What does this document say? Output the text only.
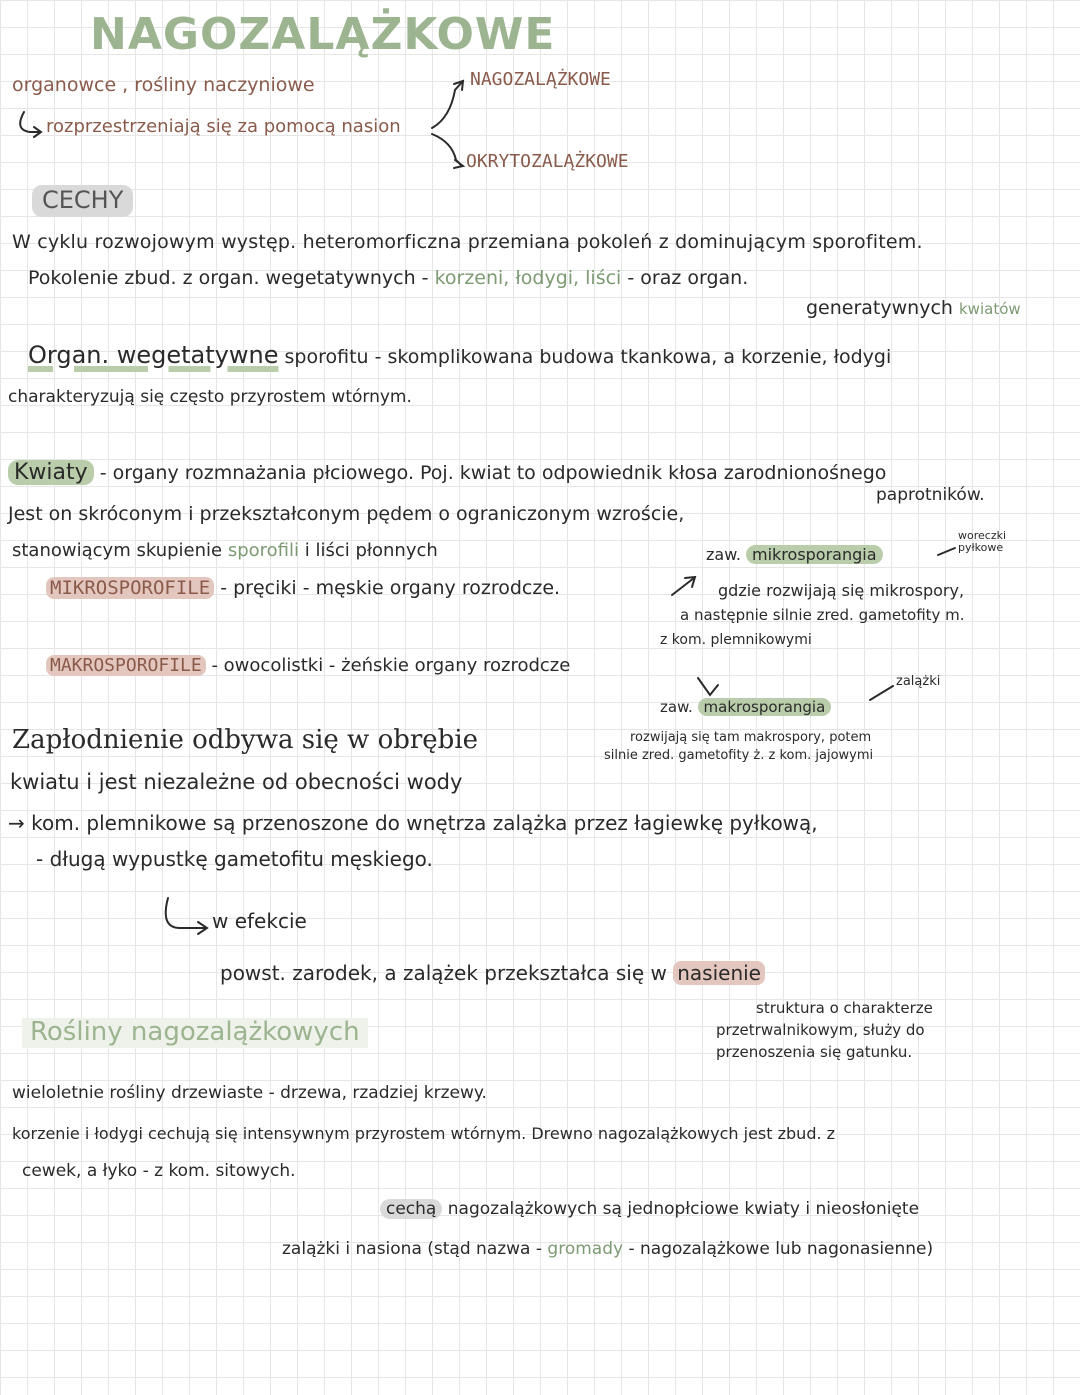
NAGOZALĄŻKOWE
organowce , rośliny naczyniowe
rozprzestrzeniają się za pomocą nasion
NAGOZALĄŻKOWE
OKRYTOZALĄŻKOWE
CECHY
W cyklu rozwojowym występ. heteromorficzna przemiana pokoleń z dominującym sporofitem.
Pokolenie zbud. z organ. wegetatywnych - korzeni, łodygi, liści - oraz organ.
generatywnych kwiatów
Organ. wegetatywne sporofitu - skomplikowana budowa tkankowa, a korzenie, łodygi
charakteryzują się często przyrostem wtórnym.
Kwiaty - organy rozmnażania płciowego. Poj. kwiat to odpowiednik kłosa zarodnionośnego
paprotników.
Jest on skróconym i przekształconym pędem o ograniczonym wzroście,
stanowiącym skupienie sporofili i liści płonnych	zaw. mikrosporangia
woreczki pyłkowe
MIKROSPOROFILE - pręciki - męskie organy rozrodcze.	gdzie rozwijają się mikrospory,
a następnie silnie zred. gametofity m.
z kom. plemnikowymi
MAKROSPOROFILE - owocolistki - żeńskie organy rozrodcze
zalążki
zaw. makrosporangia
rozwijają się tam makrospory, potem
silnie zred. gametofity ż. z kom. jajowymi
Zapłodnienie odbywa się w obrębie
kwiatu i jest niezależne od obecności wody
→ kom. plemnikowe są przenoszone do wnętrza zalążka przez łagiewkę pyłkową,
- długą wypustkę gametofitu męskiego.
w efekcie
powst. zarodek, a zalążek przekształca się w nasienie
struktura o charakterze
przetrwalnikowym, służy do
przenoszenia się gatunku.
Rośliny nagozalążkowych
wieloletnie rośliny drzewiaste - drzewa, rzadziej krzewy.
korzenie i łodygi cechują się intensywnym przyrostem wtórnym. Drewno nagozalążkowych jest zbud. z
cewek, a łyko - z kom. sitowych.
cechą nagozalążkowych są jednopłciowe kwiaty i nieosłonięte
zalążki i nasiona (stąd nazwa - gromady - nagozalążkowe lub nagonasienne)
